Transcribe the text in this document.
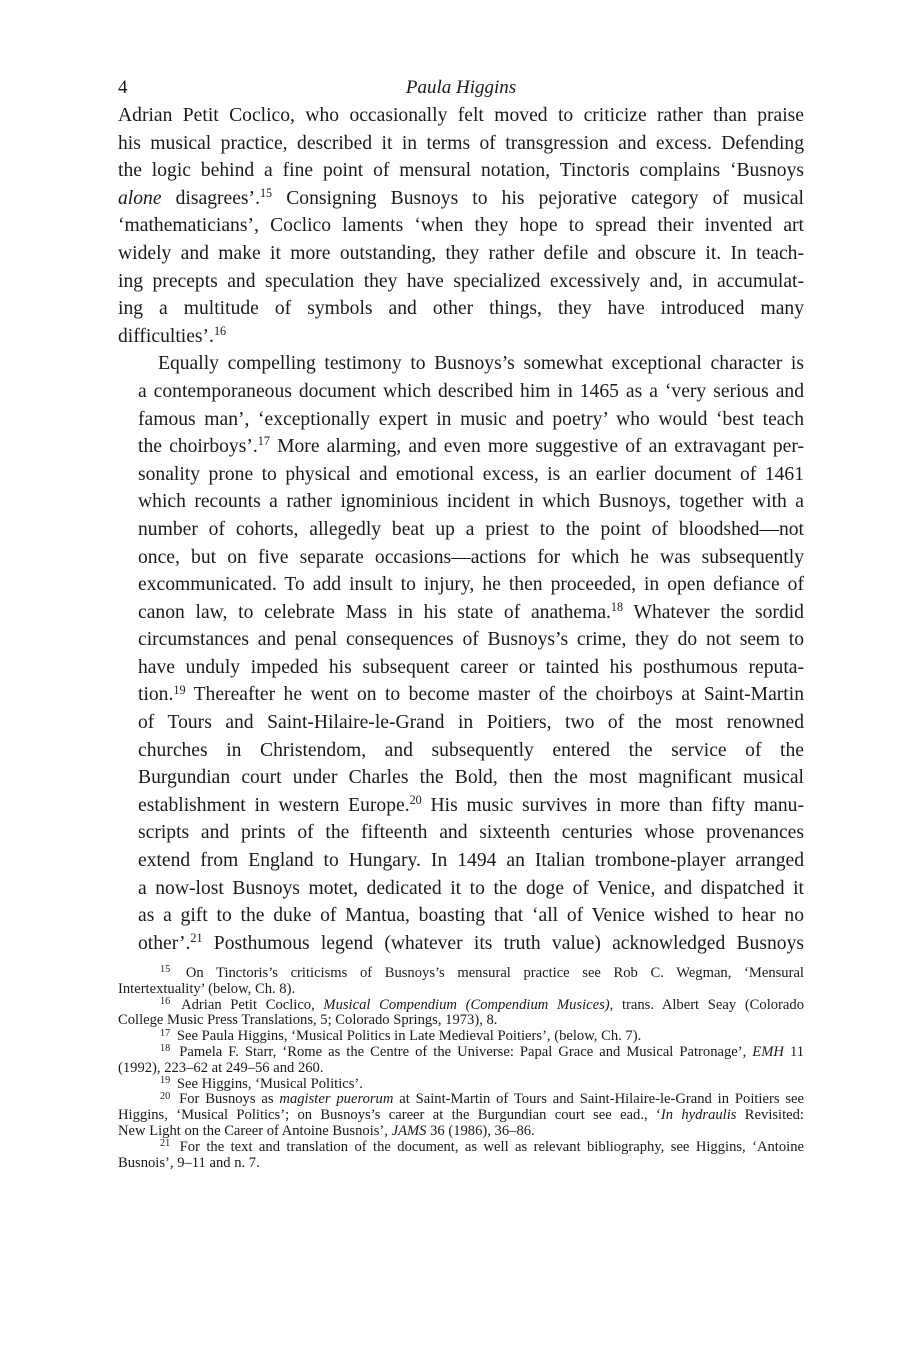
4	Paula Higgins

Adrian Petit Coclico, who occasionally felt moved to criticize rather than praise
his musical practice, described it in terms of transgression and excess. Defending
the logic behind a fine point of mensural notation, Tinctoris complains ‘Busnoys
alone disagrees’.$^{15}$ Consigning Busnoys to his pejorative category of musical
‘mathematicians’, Coclico laments ‘when they hope to spread their invented art
widely and make it more outstanding, they rather defile and obscure it. In teach-
ing precepts and speculation they have specialized excessively and, in accumulat-
ing a multitude of symbols and other things, they have introduced many
difficulties’.$^{16}$

Equally compelling testimony to Busnoys’s somewhat exceptional character is
a contemporaneous document which described him in 1465 as a ‘very serious and
famous man’, ‘exceptionally expert in music and poetry’ who would ‘best teach
the choirboys’.$^{17}$ More alarming, and even more suggestive of an extravagant per-
sonality prone to physical and emotional excess, is an earlier document of 1461
which recounts a rather ignominious incident in which Busnoys, together with a
number of cohorts, allegedly beat up a priest to the point of bloodshed—not
once, but on five separate occasions—actions for which he was subsequently
excommunicated. To add insult to injury, he then proceeded, in open defiance of
canon law, to celebrate Mass in his state of anathema.$^{18}$ Whatever the sordid
circumstances and penal consequences of Busnoys’s crime, they do not seem to
have unduly impeded his subsequent career or tainted his posthumous reputa-
tion.$^{19}$ Thereafter he went on to become master of the choirboys at Saint-Martin
of Tours and Saint-Hilaire-le-Grand in Poitiers, two of the most renowned
churches in Christendom, and subsequently entered the service of the
Burgundian court under Charles the Bold, then the most magnificant musical
establishment in western Europe.$^{20}$ His music survives in more than fifty manu-
scripts and prints of the fifteenth and sixteenth centuries whose provenances
extend from England to Hungary. In 1494 an Italian trombone-player arranged
a now-lost Busnoys motet, dedicated it to the doge of Venice, and dispatched it
as a gift to the duke of Mantua, boasting that ‘all of Venice wished to hear no
other’.$^{21}$ Posthumous legend (whatever its truth value) acknowledged Busnoys

$^{15}$ On Tinctoris’s criticisms of Busnoys’s mensural practice see Rob C. Wegman, ‘Mensural
Intertextuality’ (below, Ch. 8).
$^{16}$ Adrian Petit Coclico, Musical Compendium (Compendium Musices), trans. Albert Seay (Colorado
College Music Press Translations, 5; Colorado Springs, 1973), 8.
$^{17}$ See Paula Higgins, ‘Musical Politics in Late Medieval Poitiers’, (below, Ch. 7).
$^{18}$ Pamela F. Starr, ‘Rome as the Centre of the Universe: Papal Grace and Musical Patronage’, EMH 11
(1992), 223–62 at 249–56 and 260.
$^{19}$ See Higgins, ‘Musical Politics’.
$^{20}$ For Busnoys as magister puerorum at Saint-Martin of Tours and Saint-Hilaire-le-Grand in Poitiers see
Higgins, ‘Musical Politics’; on Busnoys’s career at the Burgundian court see ead., ‘In hydraulis Revisited:
New Light on the Career of Antoine Busnois’, JAMS 36 (1986), 36–86.
$^{21}$ For the text and translation of the document, as well as relevant bibliography, see Higgins, ‘Antoine
Busnois’, 9–11 and n. 7.
